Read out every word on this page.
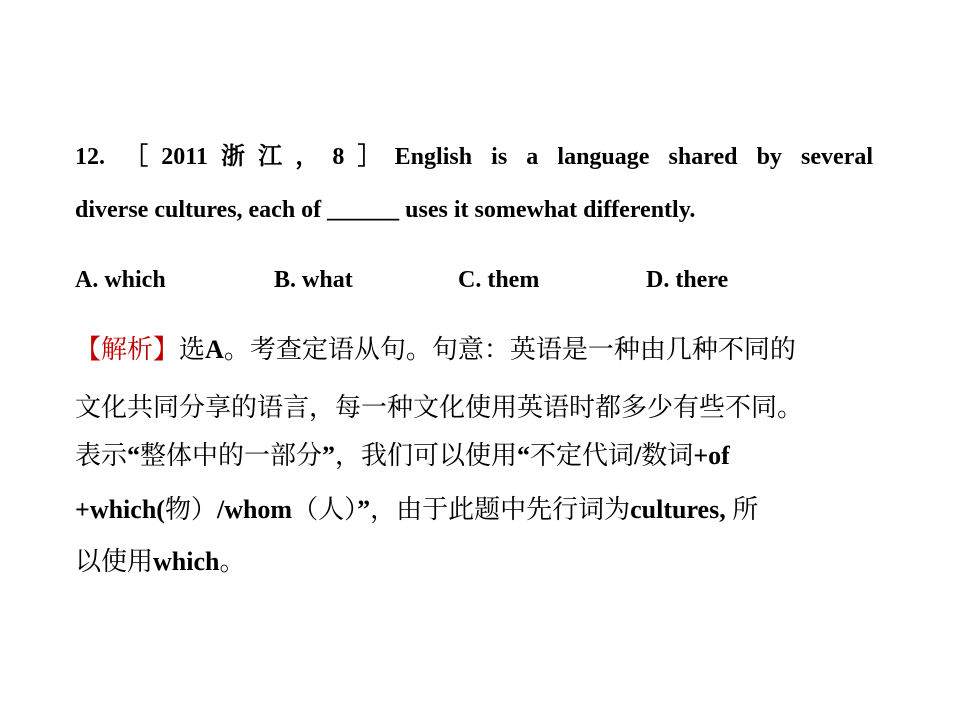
12. ［2011浙江，8］English is a language shared by several
diverse cultures, each of ______ uses it somewhat differently.
A. which	B. what	C. them	D. there
【解析】选A。考查定语从句。句意：英语是一种由几种不同的
文化共同分享的语言，每一种文化使用英语时都多少有些不同。
表示“整体中的一部分”，我们可以使用“不定代词/数词+of
+which(物）/whom（人）”，由于此题中先行词为cultures, 所
以使用which。
